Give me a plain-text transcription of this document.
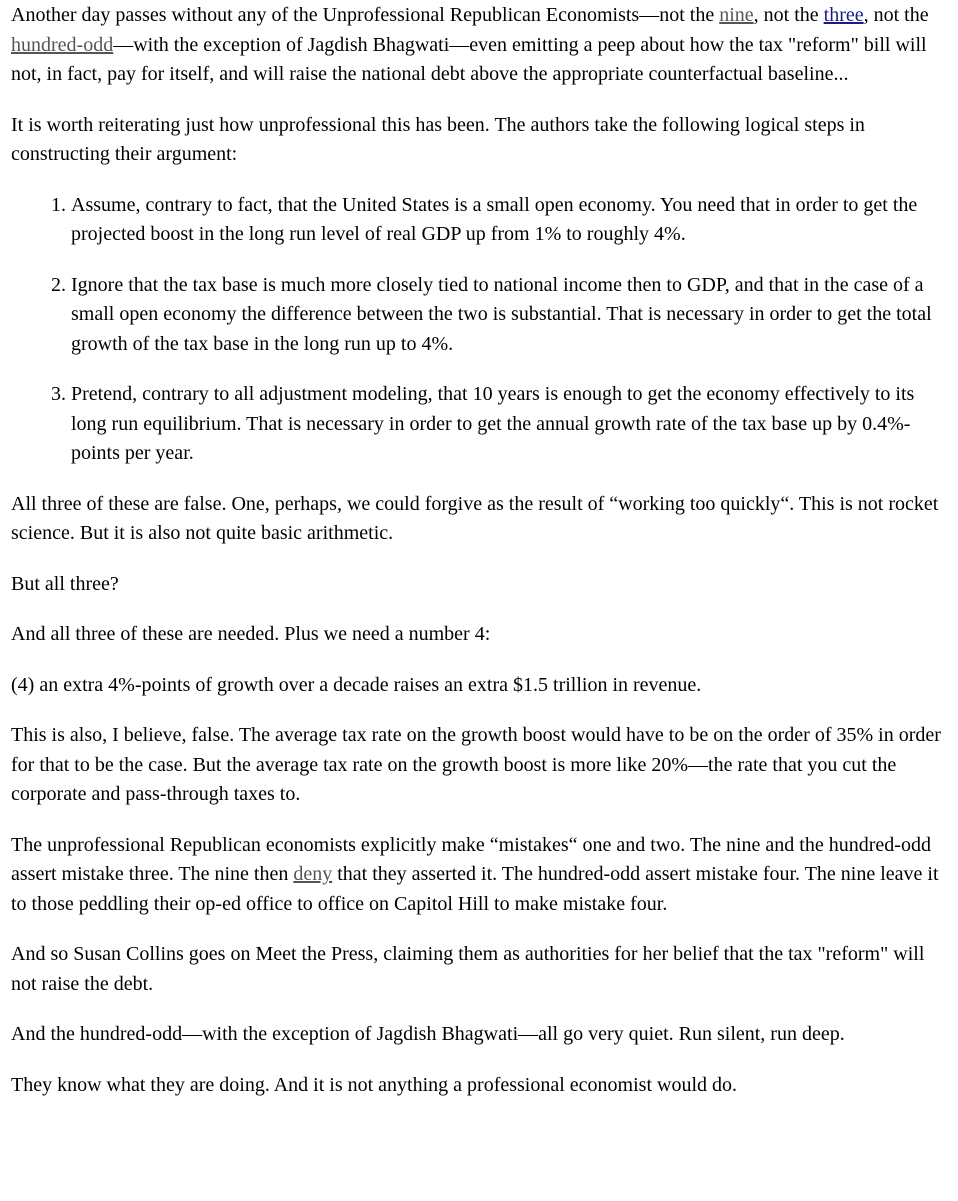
Another day passes without any of the Unprofessional Republican Economists—not the nine, not the three, not the hundred-odd—with the exception of Jagdish Bhagwati—even emitting a peep about how the tax "reform" bill will not, in fact, pay for itself, and will raise the national debt above the appropriate counterfactual baseline...

It is worth reiterating just how unprofessional this has been. The authors take the following logical steps in constructing their argument:

1. Assume, contrary to fact, that the United States is a small open economy. You need that in order to get the projected boost in the long run level of real GDP up from 1% to roughly 4%.
2. Ignore that the tax base is much more closely tied to national income then to GDP, and that in the case of a small open economy the difference between the two is substantial. That is necessary in order to get the total growth of the tax base in the long run up to 4%.
3. Pretend, contrary to all adjustment modeling, that 10 years is enough to get the economy effectively to its long run equilibrium. That is necessary in order to get the annual growth rate of the tax base up by 0.4%-points per year.

All three of these are false. One, perhaps, we could forgive as the result of “working too quickly“. This is not rocket science. But it is also not quite basic arithmetic.

But all three?

And all three of these are needed. Plus we need a number 4:

(4) an extra 4%-points of growth over a decade raises an extra $1.5 trillion in revenue.

This is also, I believe, false. The average tax rate on the growth boost would have to be on the order of 35% in order for that to be the case. But the average tax rate on the growth boost is more like 20%—the rate that you cut the corporate and pass-through taxes to.

The unprofessional Republican economists explicitly make “mistakes“ one and two. The nine and the hundred-odd assert mistake three. The nine then deny that they asserted it. The hundred-odd assert mistake four. The nine leave it to those peddling their op-ed office to office on Capitol Hill to make mistake four.

And so Susan Collins goes on Meet the Press, claiming them as authorities for her belief that the tax "reform" will not raise the debt.

And the hundred-odd—with the exception of Jagdish Bhagwati—all go very quiet. Run silent, run deep.

They know what they are doing. And it is not anything a professional economist would do.
